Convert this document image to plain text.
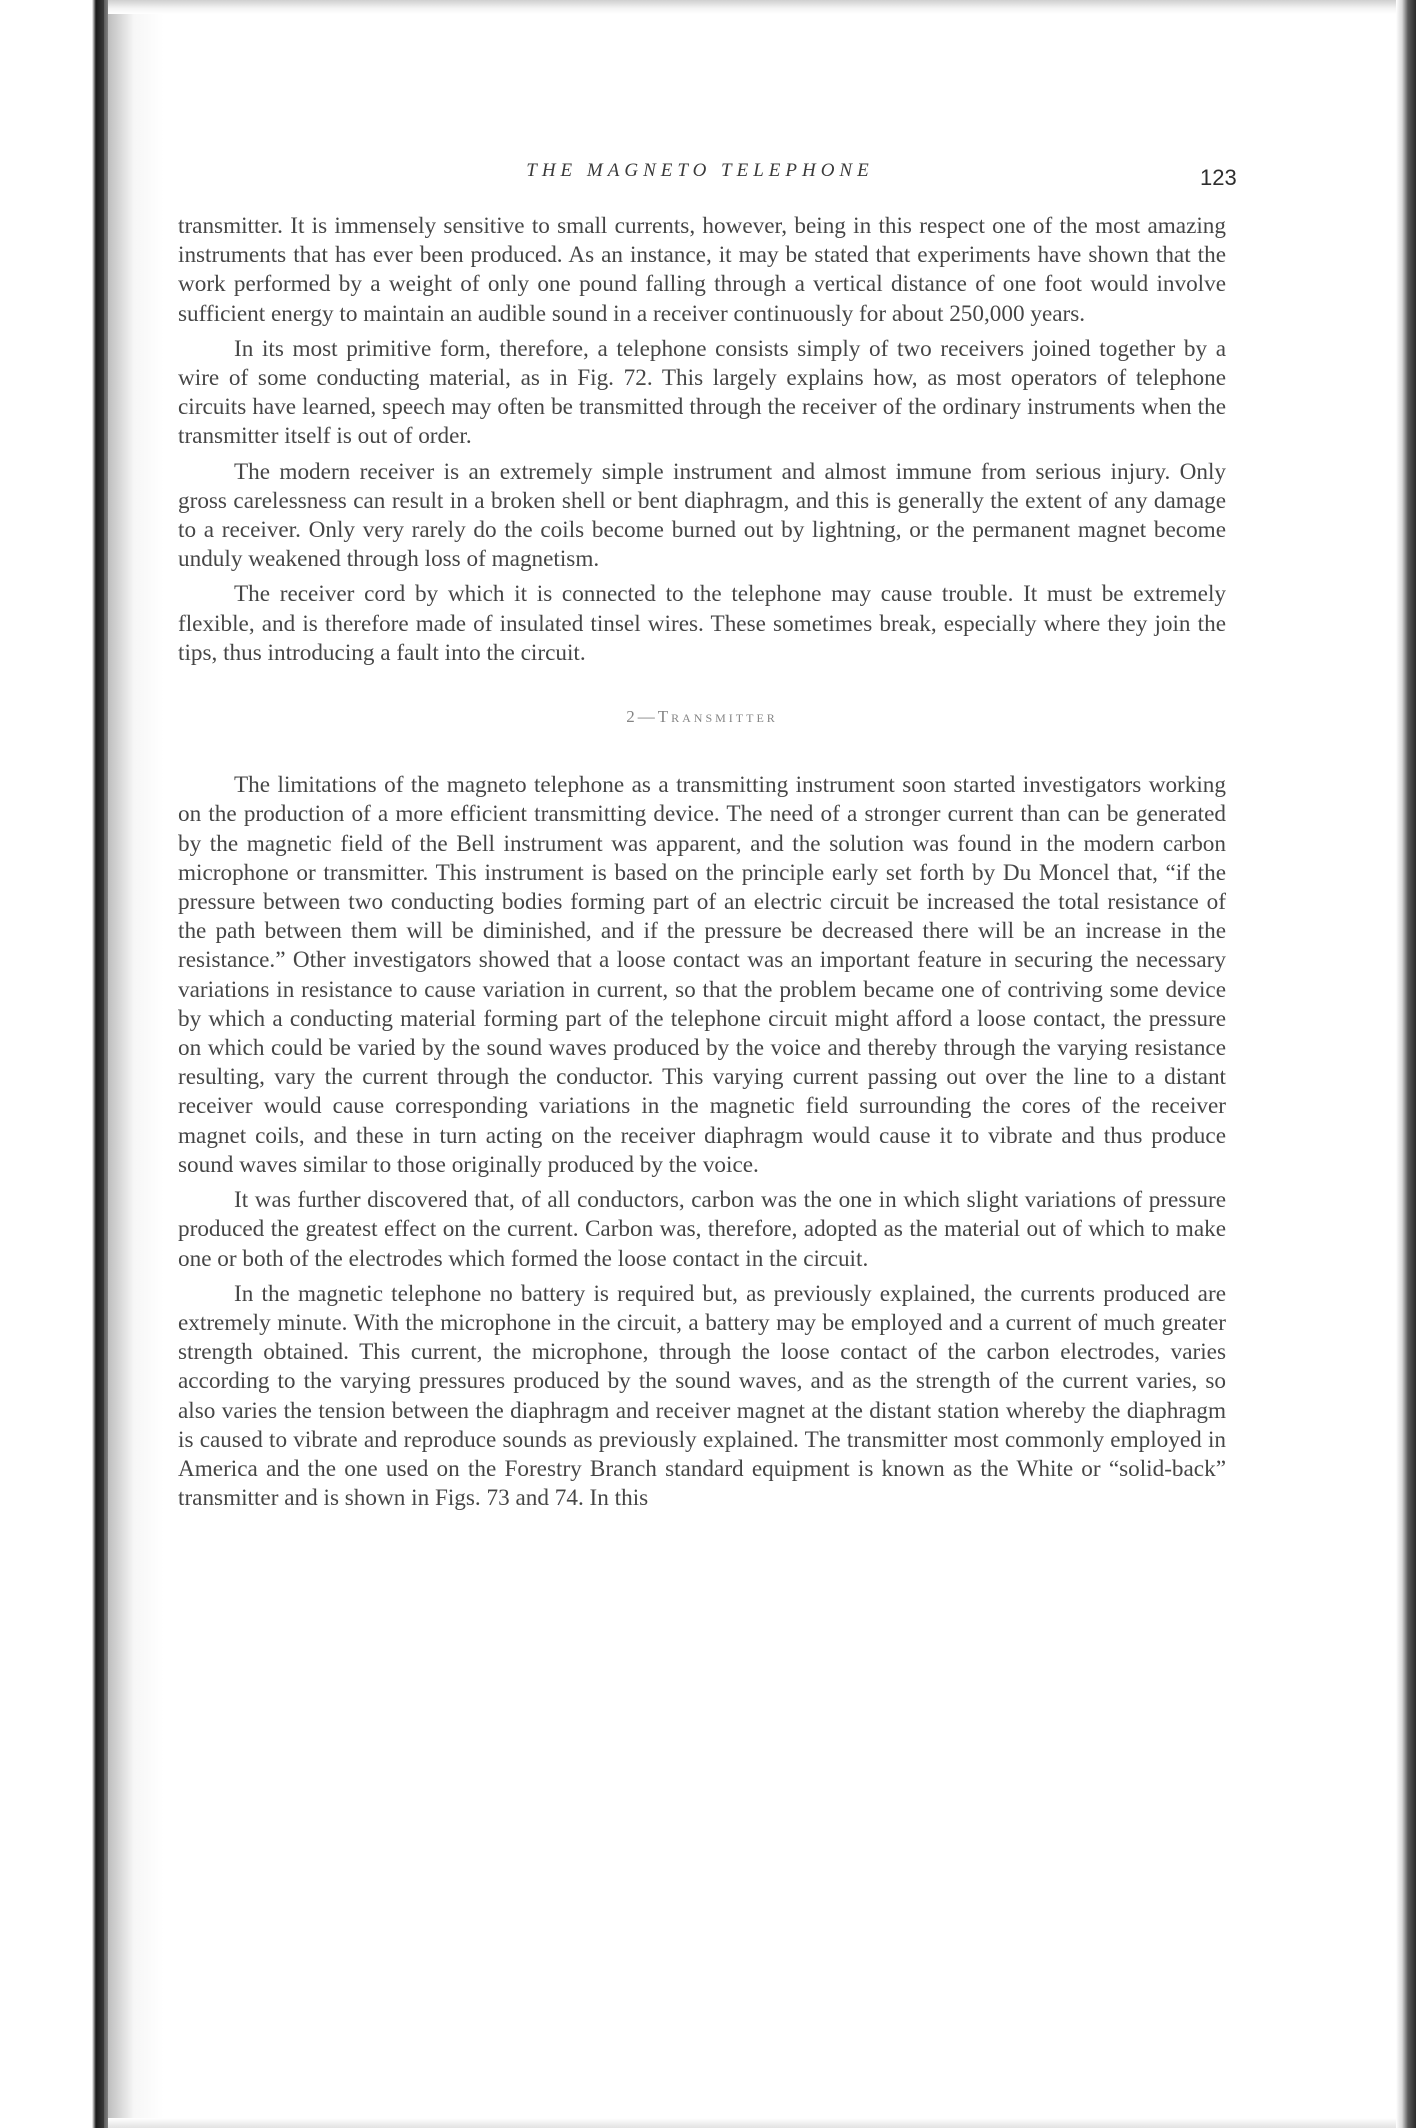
THE MAGNETO TELEPHONE	123

transmitter. It is immensely sensitive to small currents, however, being in this respect one of the most amazing instruments that has ever been produced. As an instance, it may be stated that experiments have shown that the work performed by a weight of only one pound falling through a vertical distance of one foot would involve sufficient energy to maintain an audible sound in a receiver continuously for about 250,000 years.

In its most primitive form, therefore, a telephone consists simply of two receivers joined together by a wire of some conducting material, as in Fig. 72. This largely explains how, as most operators of telephone circuits have learned, speech may often be transmitted through the receiver of the ordinary instruments when the transmitter itself is out of order.

The modern receiver is an extremely simple instrument and almost immune from serious injury. Only gross carelessness can result in a broken shell or bent diaphragm, and this is generally the extent of any damage to a receiver. Only very rarely do the coils become burned out by lightning, or the permanent magnet become unduly weakened through loss of magnetism.

The receiver cord by which it is connected to the telephone may cause trouble. It must be extremely flexible, and is therefore made of insulated tinsel wires. These sometimes break, especially where they join the tips, thus introducing a fault into the circuit.

2—Transmitter

The limitations of the magneto telephone as a transmitting instrument soon started investigators working on the production of a more efficient transmitting device. The need of a stronger current than can be generated by the magnetic field of the Bell instrument was apparent, and the solution was found in the modern carbon microphone or transmitter. This instrument is based on the principle early set forth by Du Moncel that, “if the pressure between two conducting bodies forming part of an electric circuit be increased the total resistance of the path between them will be diminished, and if the pressure be decreased there will be an increase in the resistance.” Other investigators showed that a loose contact was an important feature in securing the necessary variations in resistance to cause variation in current, so that the problem became one of contriving some device by which a conducting material forming part of the telephone circuit might afford a loose contact, the pressure on which could be varied by the sound waves produced by the voice and thereby through the varying resistance resulting, vary the current through the conductor. This varying current passing out over the line to a distant receiver would cause corresponding variations in the magnetic field surrounding the cores of the receiver magnet coils, and these in turn acting on the receiver diaphragm would cause it to vibrate and thus produce sound waves similar to those originally produced by the voice.

It was further discovered that, of all conductors, carbon was the one in which slight variations of pressure produced the greatest effect on the current. Carbon was, therefore, adopted as the material out of which to make one or both of the electrodes which formed the loose contact in the circuit.

In the magnetic telephone no battery is required but, as previously explained, the currents produced are extremely minute. With the microphone in the circuit, a battery may be employed and a current of much greater strength obtained. This current, the microphone, through the loose contact of the carbon electrodes, varies according to the varying pressures produced by the sound waves, and as the strength of the current varies, so also varies the tension between the diaphragm and receiver magnet at the distant station whereby the diaphragm is caused to vibrate and reproduce sounds as previously explained. The transmitter most commonly employed in America and the one used on the Forestry Branch standard equipment is known as the White or “solid-back” transmitter and is shown in Figs. 73 and 74. In this
